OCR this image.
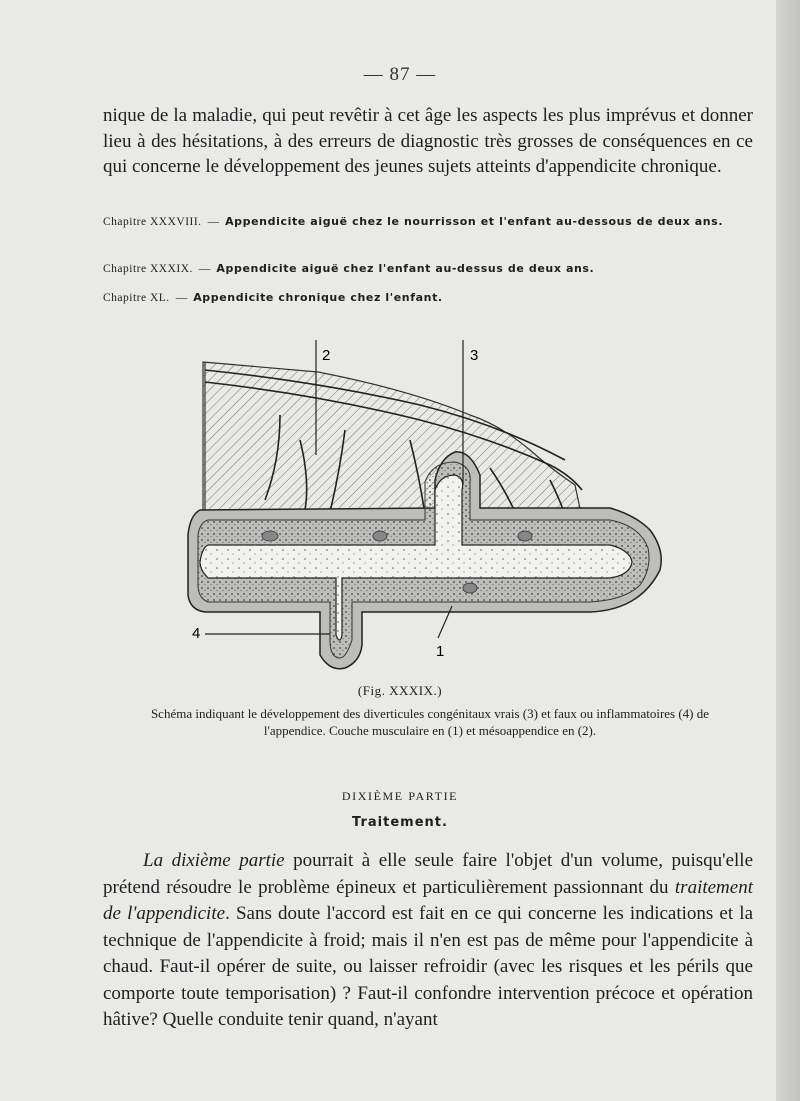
— 87 —

nique de la maladie, qui peut revêtir à cet âge les aspects les plus imprévus et donner lieu à des hésitations, à des erreurs de diagnostic très grosses de conséquences en ce qui concerne le développement des jeunes sujets atteints d'appendicite chronique.

Chapitre XXXVIII. — Appendicite aiguë chez le nourrisson et l'enfant au-dessous de deux ans.

Chapitre XXXIX. — Appendicite aiguë chez l'enfant au-dessus de deux ans.

Chapitre XL. — Appendicite chronique chez l'enfant.

2	3
4
1
(Fig. XXXIX.)

Schéma indiquant le développement des diverticules congénitaux vrais (3) et faux ou inflammatoires (4) de l'appendice. Couche musculaire en (1) et mésoappendice en (2).

DIXIÈME PARTIE
Traitement.

La dixième partie pourrait à elle seule faire l'objet d'un volume, puisqu'elle prétend résoudre le problème épineux et particulièrement passionnant du traitement de l'appendicite. Sans doute l'accord est fait en ce qui concerne les indications et la technique de l'appendicite à froid; mais il n'en est pas de même pour l'appendicite à chaud. Faut-il opérer de suite, ou laisser refroidir (avec les risques et les périls que comporte toute temporisation) ? Faut-il confondre intervention précoce et opération hâtive? Quelle conduite tenir quand, n'ayant
